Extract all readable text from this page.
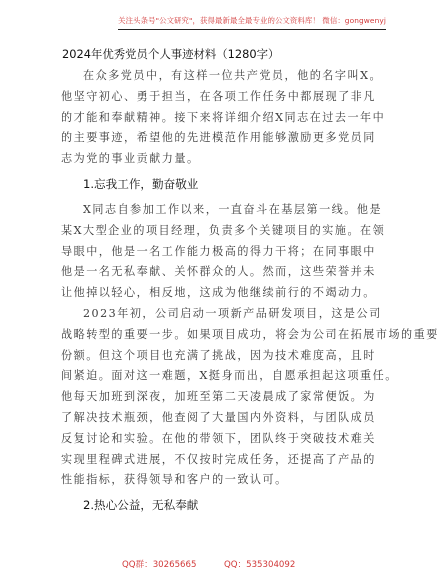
关注头条号"公文研究"，获得最新最全最专业的公文资料库！ 微信：gongwenyj
2024年优秀党员个人事迹材料（1280字）

在众多党员中，有这样一位共产党员，他的名字叫X。

他坚守初心、勇于担当，在各项工作任务中都展现了非凡

的才能和奉献精神。接下来将详细介绍X同志在过去一年中

的主要事迹，希望他的先进模范作用能够激励更多党员同

志为党的事业贡献力量。

1.忘我工作，勤奋敬业

X同志自参加工作以来，一直奋斗在基层第一线。他是

某X大型企业的项目经理，负责多个关键项目的实施。在领

导眼中，他是一名工作能力极高的得力干将；在同事眼中

他是一名无私奉献、关怀群众的人。然而，这些荣誉并未

让他掉以轻心，相反地，这成为他继续前行的不竭动力。

2023年初，公司启动一项新产品研发项目，这是公司

战略转型的重要一步。如果项目成功，将会为公司在拓展市场的重要

份额。但这个项目也充满了挑战，因为技术难度高，且时

间紧迫。面对这一难题，X挺身而出，自愿承担起这项重任。

他每天加班到深夜，加班至第二天凌晨成了家常便饭。为

了解决技术瓶颈，他查阅了大量国内外资料，与团队成员

反复讨论和实验。在他的带领下，团队终于突破技术难关

实现里程碑式进展，不仅按时完成任务，还提高了产品的

性能指标，获得领导和客户的一致认可。

2.热心公益，无私奉献
QQ群：30265665	QQ：535304092
